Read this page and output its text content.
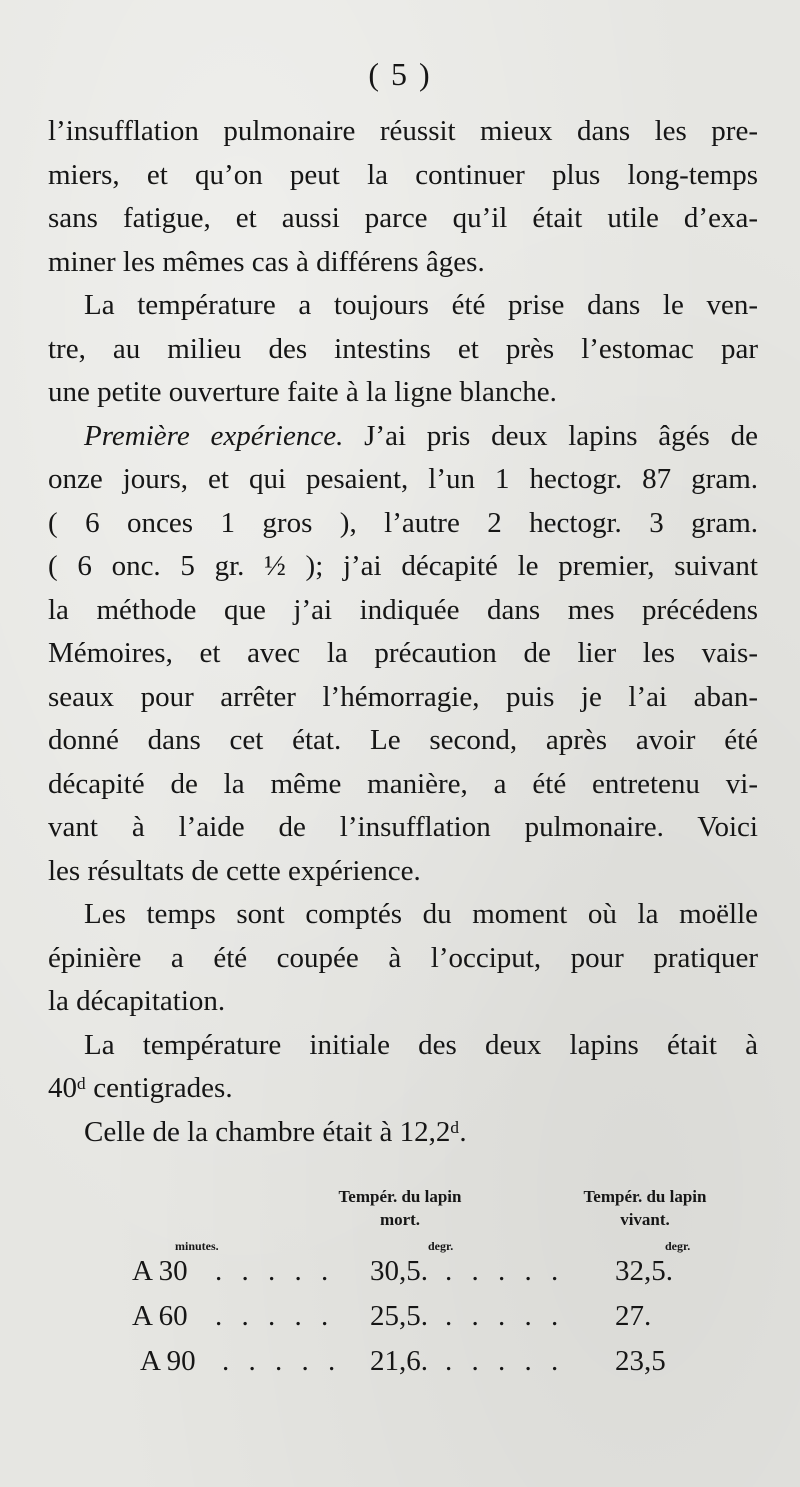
( 5 )
l’insufflation pulmonaire réussit mieux dans les pre-
miers, et qu’on peut la continuer plus long-temps
sans fatigue, et aussi parce qu’il était utile d’exa-
miner les mêmes cas à différens âges.
La température a toujours été prise dans le ven-
tre, au milieu des intestins et près l’estomac par
une petite ouverture faite à la ligne blanche.
Première expérience. J’ai pris deux lapins âgés de
onze jours, et qui pesaient, l’un 1 hectogr. 87 gram.
( 6 onces 1 gros ), l’autre 2 hectogr. 3 gram.
( 6 onc. 5 gr. ½ ); j’ai décapité le premier, suivant
la méthode que j’ai indiquée dans mes précédens
Mémoires, et avec la précaution de lier les vais-
seaux pour arrêter l’hémorragie, puis je l’ai aban-
donné dans cet état. Le second, après avoir été
décapité de la même manière, a été entretenu vi-
vant à l’aide de l’insufflation pulmonaire. Voici
les résultats de cette expérience.
Les temps sont comptés du moment où la moëlle
épinière a été coupée à l’occiput, pour pratiquer
la décapitation.
La température initiale des deux lapins était à
40ᵈ centigrades.
Celle de la chambre était à 12,2ᵈ.
Tempér. du lapin
mort.
Tempér. du lapin
vivant.
minutes.	degr.	degr.
A 30 . . . . . 30,5. . . . . . 32,5.
A 60 . . . . . 25,5. . . . . . 27.
A 90 . . . . . 21,6. . . . . . 23,5
